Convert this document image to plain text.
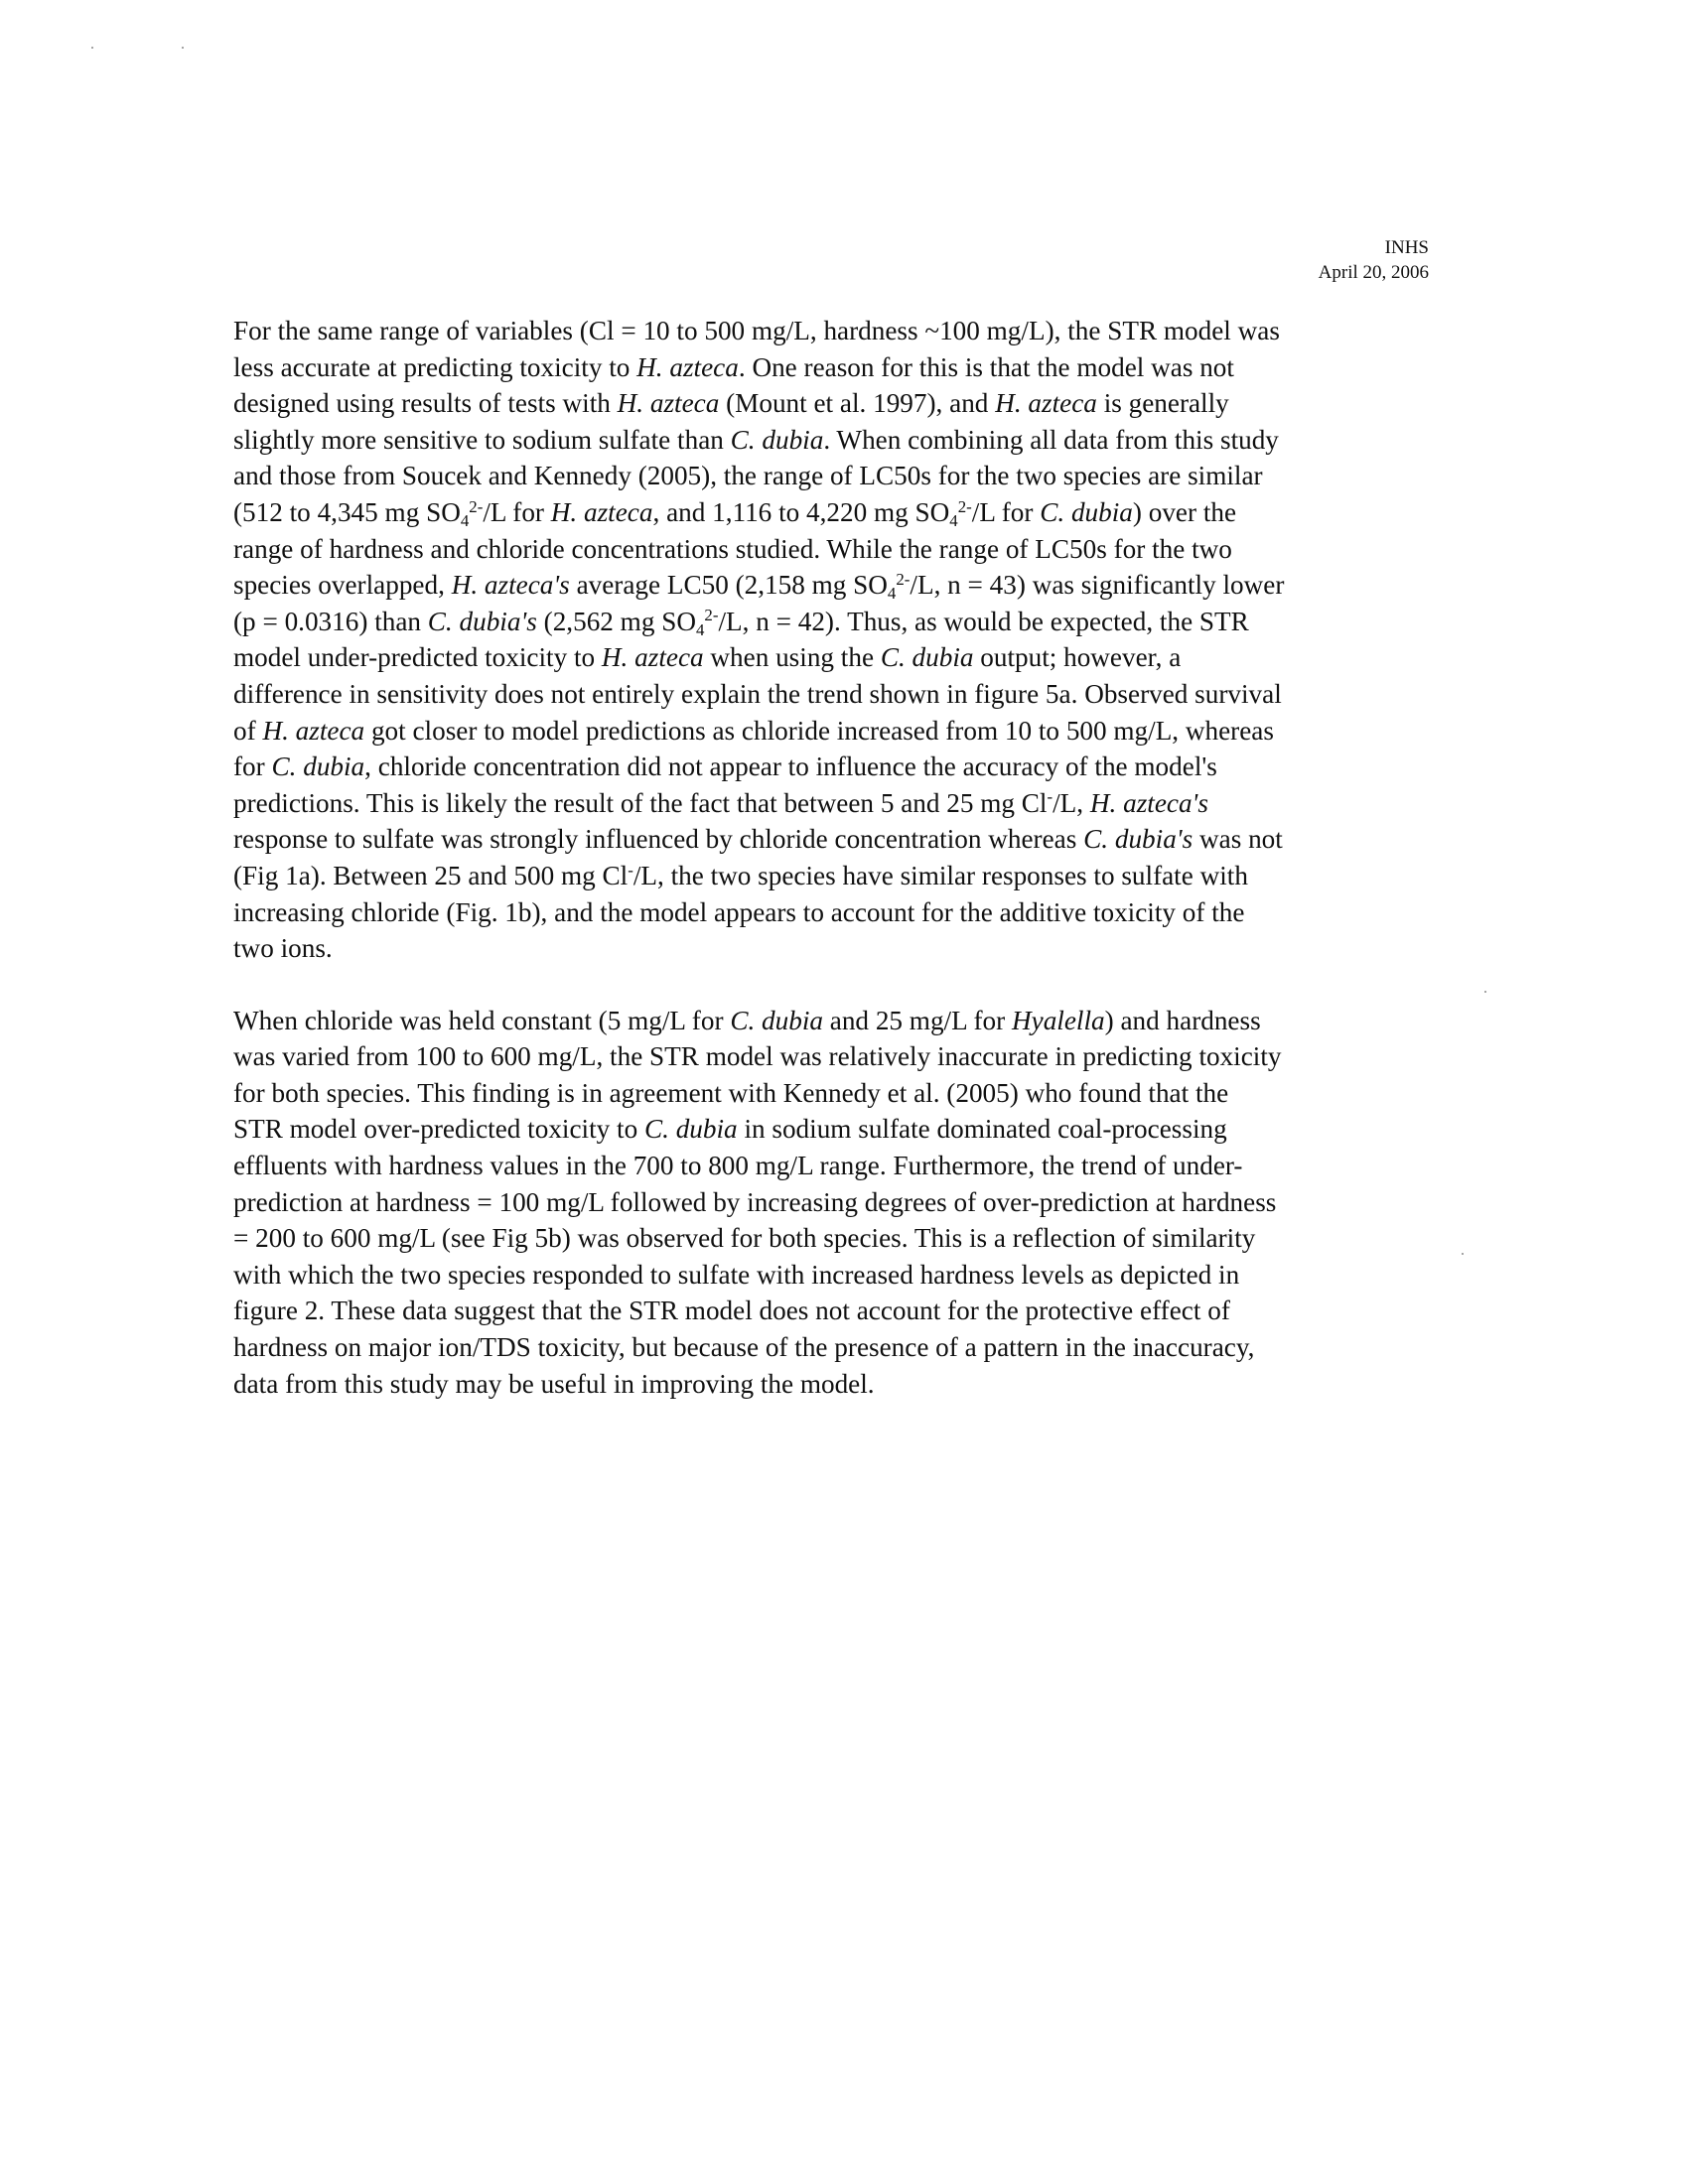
INHS
April 20, 2006

For the same range of variables (Cl = 10 to 500 mg/L, hardness ~100 mg/L), the STR model was
less accurate at predicting toxicity to H. azteca. One reason for this is that the model was not
designed using results of tests with H. azteca (Mount et al. 1997), and H. azteca is generally
slightly more sensitive to sodium sulfate than C. dubia. When combining all data from this study
and those from Soucek and Kennedy (2005), the range of LC50s for the two species are similar
(512 to 4,345 mg $SO_4^{2-}/L$ for H. azteca, and 1,116 to 4,220 mg $SO_4^{2-}/L$ for C. dubia) over the
range of hardness and chloride concentrations studied. While the range of LC50s for the two
species overlapped, H. azteca's average LC50 (2,158 mg $SO_4^{2-}/L$, n = 43) was significantly lower
(p = 0.0316) than C. dubia's (2,562 mg $SO_4^{2-}/L$, n = 42). Thus, as would be expected, the STR
model under-predicted toxicity to H. azteca when using the C. dubia output; however, a
difference in sensitivity does not entirely explain the trend shown in figure 5a. Observed survival
of H. azteca got closer to model predictions as chloride increased from 10 to 500 mg/L, whereas
for C. dubia, chloride concentration did not appear to influence the accuracy of the model's
predictions. This is likely the result of the fact that between 5 and 25 mg Cl-/L, H. azteca's
response to sulfate was strongly influenced by chloride concentration whereas C. dubia's was not
(Fig 1a). Between 25 and 500 mg Cl-/L, the two species have similar responses to sulfate with
increasing chloride (Fig. 1b), and the model appears to account for the additive toxicity of the
two ions.

When chloride was held constant (5 mg/L for C. dubia and 25 mg/L for Hyalella) and hardness
was varied from 100 to 600 mg/L, the STR model was relatively inaccurate in predicting toxicity
for both species. This finding is in agreement with Kennedy et al. (2005) who found that the
STR model over-predicted toxicity to C. dubia in sodium sulfate dominated coal-processing
effluents with hardness values in the 700 to 800 mg/L range. Furthermore, the trend of under-
prediction at hardness = 100 mg/L followed by increasing degrees of over-prediction at hardness
= 200 to 600 mg/L (see Fig 5b) was observed for both species. This is a reflection of similarity
with which the two species responded to sulfate with increased hardness levels as depicted in
figure 2. These data suggest that the STR model does not account for the protective effect of
hardness on major ion/TDS toxicity, but because of the presence of a pattern in the inaccuracy,
data from this study may be useful in improving the model.
